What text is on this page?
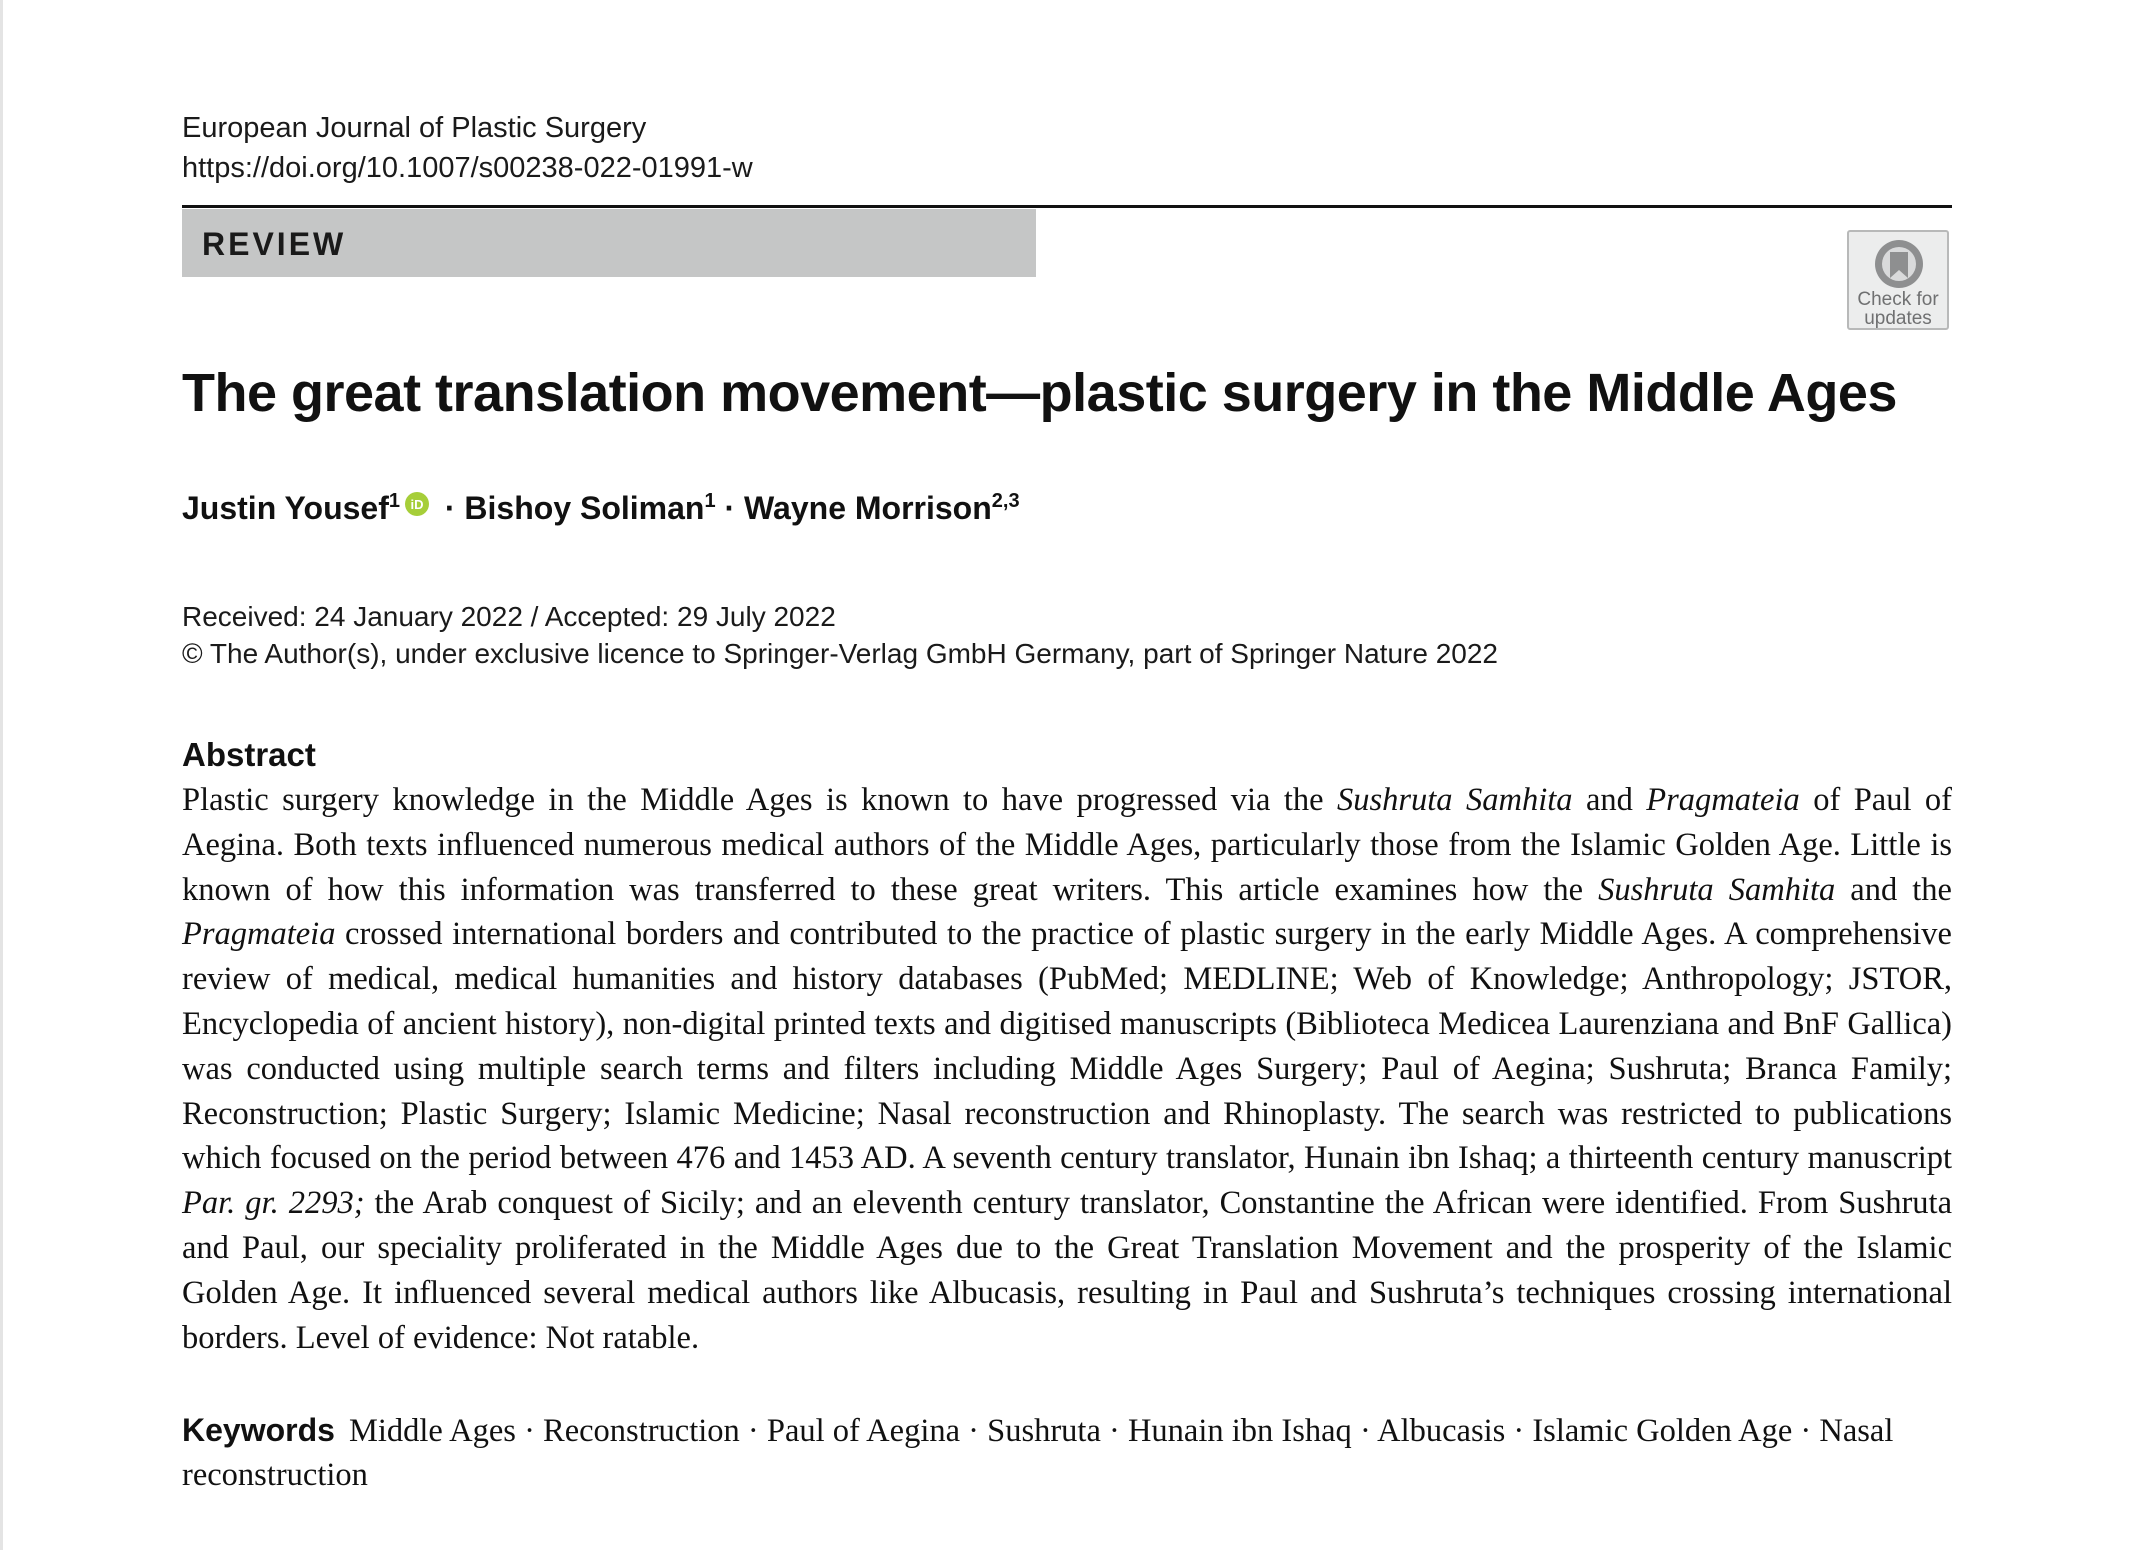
European Journal of Plastic Surgery
https://doi.org/10.1007/s00238-022-01991-w
REVIEW
Check for
updates
The great translation movement—plastic surgery in the Middle Ages
Justin Yousef$^1$ iD · Bishoy Soliman$^1$ · Wayne Morrison$^{2,3}$
Received: 24 January 2022 / Accepted: 29 July 2022
© The Author(s), under exclusive licence to Springer-Verlag GmbH Germany, part of Springer Nature 2022
Abstract
Plastic surgery knowledge in the Middle Ages is known to have progressed via the Sushruta Samhita and Pragmateia of Paul of Aegina. Both texts influenced numerous medical authors of the Middle Ages, particularly those from the Islamic Golden Age. Little is known of how this information was transferred to these great writers. This article examines how the Sushruta Samhita and the Pragmateia crossed international borders and contributed to the practice of plastic surgery in the early Middle Ages. A comprehensive review of medical, medical humanities and history databases (PubMed; MEDLINE; Web of Knowledge; Anthropology; JSTOR, Encyclopedia of ancient history), non-digital printed texts and digitised manuscripts (Biblioteca Medicea Laurenziana and BnF Gallica) was conducted using multiple search terms and filters including Middle Ages Surgery; Paul of Aegina; Sushruta; Branca Family; Reconstruction; Plastic Surgery; Islamic Medicine; Nasal reconstruction and Rhinoplasty. The search was restricted to publications which focused on the period between 476 and 1453 AD. A seventh century translator, Hunain ibn Ishaq; a thirteenth century manuscript Par. gr. 2293; the Arab conquest of Sicily; and an eleventh century translator, Constantine the African were identified. From Sushruta and Paul, our speciality proliferated in the Middle Ages due to the Great Translation Movement and the prosperity of the Islamic Golden Age. It influenced several medical authors like Albucasis, resulting in Paul and Sushruta’s techniques crossing international borders. Level of evidence: Not ratable.
Keywords Middle Ages · Reconstruction · Paul of Aegina · Sushruta · Hunain ibn Ishaq · Albucasis · Islamic Golden Age · Nasal reconstruction
